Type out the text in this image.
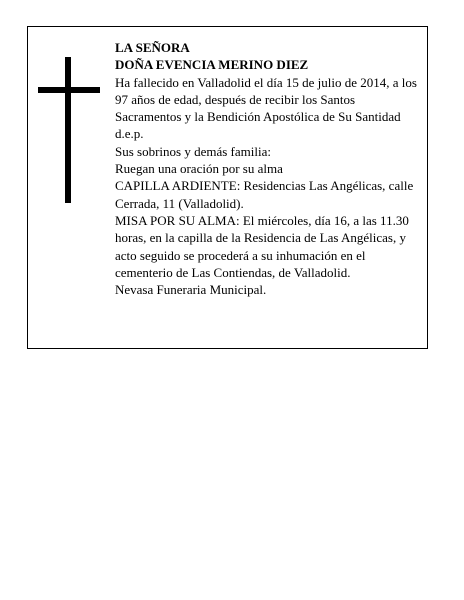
LA SEÑORA

DOÑA EVENCIA MERINO DIEZ

Ha fallecido en Valladolid el día 15 de julio de 2014, a los 97 años de edad, después de recibir los Santos Sacramentos y la Bendición Apostólica de Su Santidad d.e.p.

Sus sobrinos y demás familia:

Ruegan una oración por su alma

CAPILLA ARDIENTE: Residencias Las Angélicas, calle Cerrada, 11 (Valladolid).

MISA POR SU ALMA: El miércoles, día 16, a las 11.30 horas, en la capilla de la Residencia de Las Angélicas, y acto seguido se procederá a su inhumación en el cementerio de Las Contiendas, de Valladolid.

Nevasa Funeraria Municipal.
